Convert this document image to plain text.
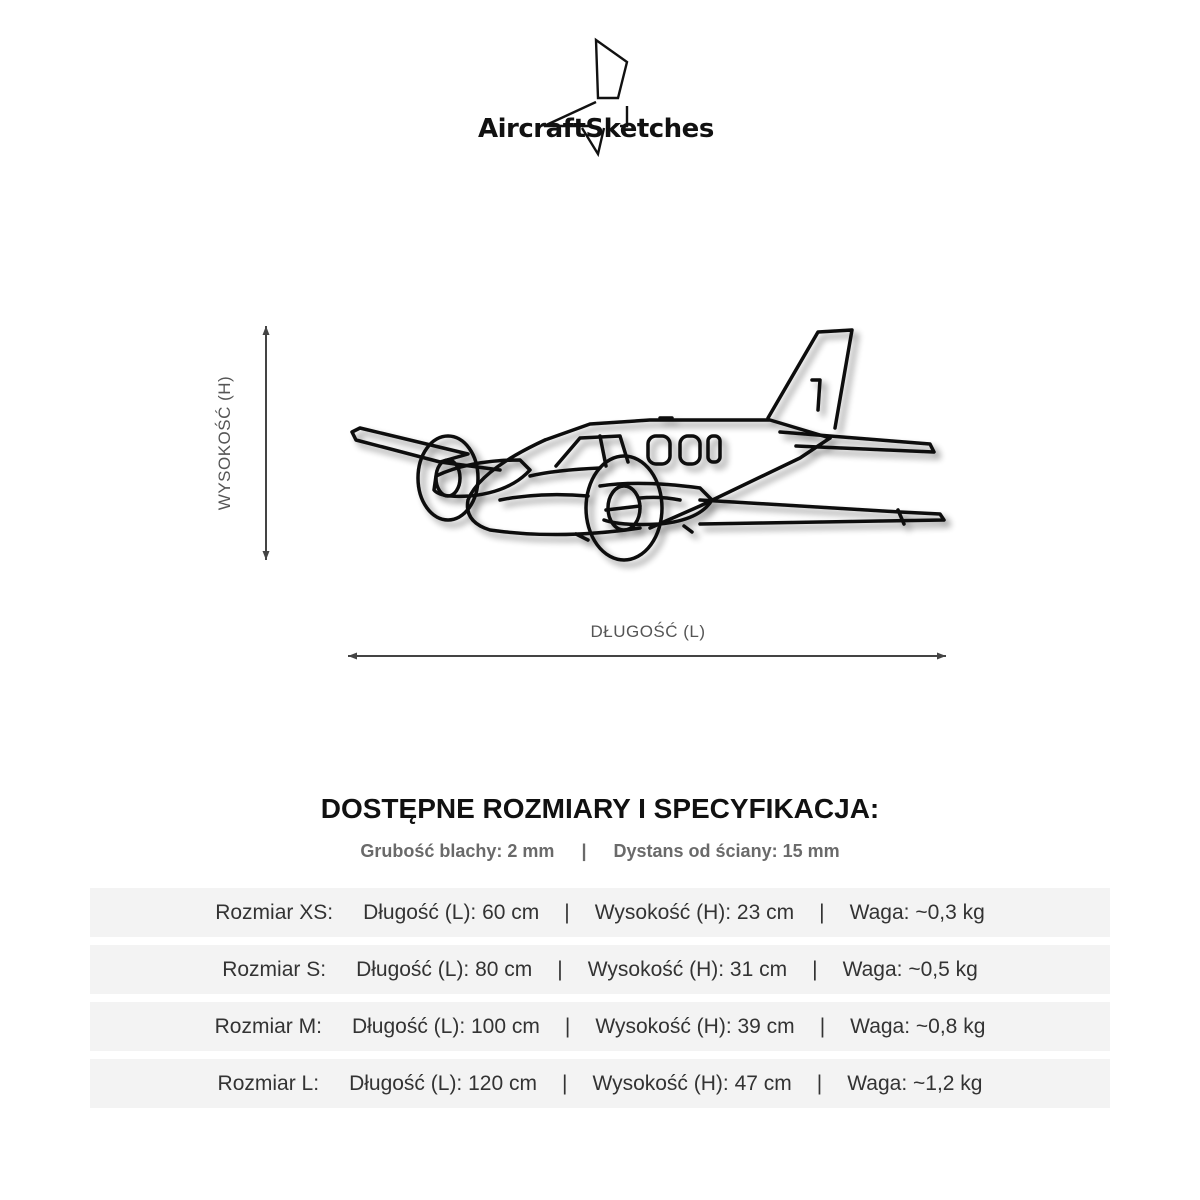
AircraftSketches
WYSOKOŚĆ (H)
DŁUGOŚĆ (L)
DOSTĘPNE ROZMIARY I SPECYFIKACJA:
Grubość blachy: 2 mm | Dystans od ściany: 15 mm
Rozmiar XS: Długość (L): 60 cm | Wysokość (H): 23 cm | Waga: ~0,3 kg
Rozmiar S: Długość (L): 80 cm | Wysokość (H): 31 cm | Waga: ~0,5 kg
Rozmiar M: Długość (L): 100 cm | Wysokość (H): 39 cm | Waga: ~0,8 kg
Rozmiar L: Długość (L): 120 cm | Wysokość (H): 47 cm | Waga: ~1,2 kg
